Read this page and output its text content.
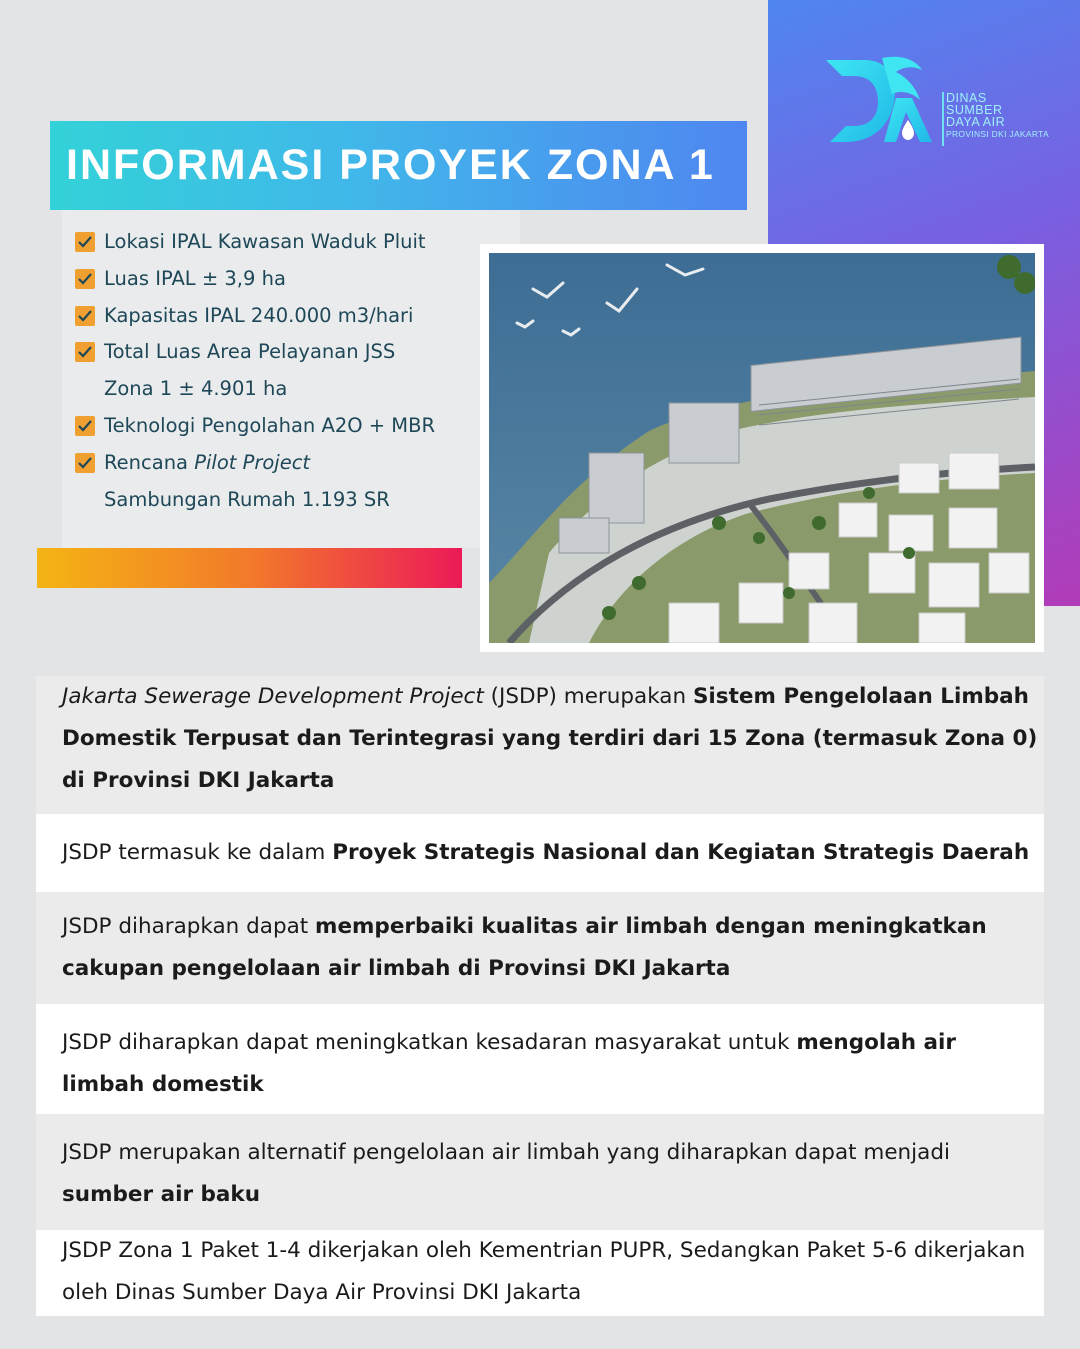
DINAS
SUMBER
DAYA AIR
PROVINSI DKI JAKARTA
INFORMASI PROYEK ZONA 1
Lokasi IPAL Kawasan Waduk Pluit
Luas IPAL ± 3,9 ha
Kapasitas IPAL 240.000 m3/hari
Total Luas Area Pelayanan JSS
Zona 1 ± 4.901 ha
Teknologi Pengolahan A2O + MBR
Rencana Pilot Project
Sambungan Rumah 1.193 SR
Jakarta Sewerage Development Project (JSDP) merupakan Sistem Pengelolaan Limbah Domestik Terpusat dan Terintegrasi yang terdiri dari 15 Zona (termasuk Zona 0) di Provinsi DKI Jakarta
JSDP termasuk ke dalam Proyek Strategis Nasional dan Kegiatan Strategis Daerah
JSDP diharapkan dapat memperbaiki kualitas air limbah dengan meningkatkan cakupan pengelolaan air limbah di Provinsi DKI Jakarta
JSDP diharapkan dapat meningkatkan kesadaran masyarakat untuk mengolah air limbah domestik
JSDP merupakan alternatif pengelolaan air limbah yang diharapkan dapat menjadi sumber air baku
JSDP Zona 1 Paket 1-4 dikerjakan oleh Kementrian PUPR, Sedangkan Paket 5-6 dikerjakan oleh Dinas Sumber Daya Air Provinsi DKI Jakarta
